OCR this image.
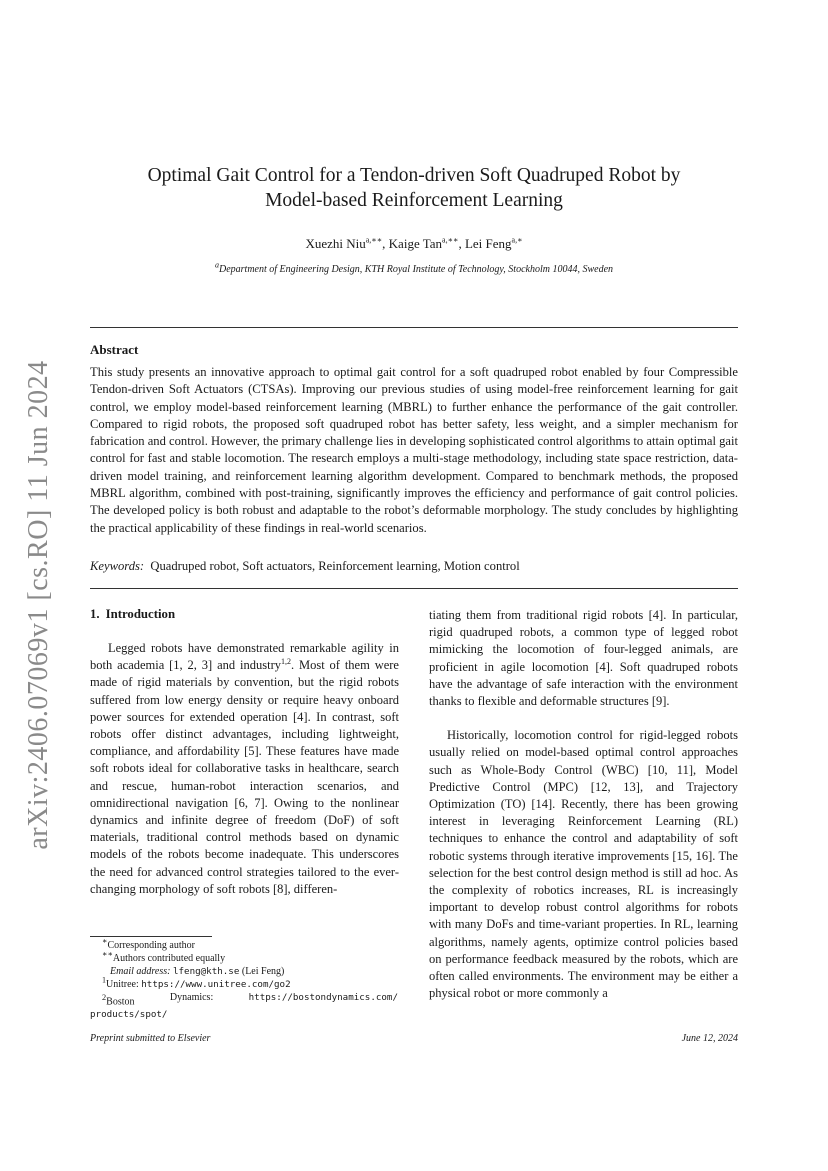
arXiv:2406.07069v1 [cs.RO] 11 Jun 2024
Optimal Gait Control for a Tendon-driven Soft Quadruped Robot by
Model-based Reinforcement Learning
Xuezhi Niu$^{a,∗∗}$, Kaige Tan$^{a,∗∗}$, Lei Feng$^{a,∗}$
$^a$Department of Engineering Design, KTH Royal Institute of Technology, Stockholm 10044, Sweden
Abstract
This study presents an innovative approach to optimal gait control for a soft quadruped robot enabled by four Compressible Tendon-driven Soft Actuators (CTSAs). Improving our previous studies of using model-free reinforcement learning for gait control, we employ model-based reinforcement learning (MBRL) to further enhance the performance of the gait controller. Compared to rigid robots, the proposed soft quadruped robot has better safety, less weight, and a simpler mechanism for fabrication and control. However, the primary challenge lies in developing sophisticated control algorithms to attain optimal gait control for fast and stable locomotion. The research employs a multi-stage methodology, including state space restriction, data-driven model training, and reinforcement learning algorithm development. Compared to benchmark methods, the proposed MBRL algorithm, combined with post-training, significantly improves the efficiency and performance of gait control policies. The developed policy is both robust and adaptable to the robot’s deformable morphology. The study concludes by highlighting the practical applicability of these findings in real-world scenarios.
Keywords: Quadruped robot, Soft actuators, Reinforcement learning, Motion control
1. Introduction

Legged robots have demonstrated remarkable agility in both academia [1, 2, 3] and industry$^{1,2}$. Most of them were made of rigid materials by convention, but the rigid robots suffered from low energy density or require heavy onboard power sources for extended operation [4]. In contrast, soft robots offer distinct advantages, including lightweight, compliance, and affordability [5]. These features have made soft robots ideal for collaborative tasks in healthcare, search and rescue, human-robot interaction scenarios, and omnidirectional navigation [6, 7]. Owing to the nonlinear dynamics and infinite degree of freedom (DoF) of soft materials, traditional control methods based on dynamic models of the robots become inadequate. This underscores the need for advanced control strategies tailored to the ever-changing morphology of soft robots [8], differen-

tiating them from traditional rigid robots [4]. In particular, rigid quadruped robots, a common type of legged robot mimicking the locomotion of four-legged animals, are proficient in agile locomotion [4]. Soft quadruped robots have the advantage of safe interaction with the environment thanks to flexible and deformable structures [9].

Historically, locomotion control for rigid-legged robots usually relied on model-based optimal control approaches such as Whole-Body Control (WBC) [10, 11], Model Predictive Control (MPC) [12, 13], and Trajectory Optimization (TO) [14]. Recently, there has been growing interest in leveraging Reinforcement Learning (RL) techniques to enhance the control and adaptability of soft robotic systems through iterative improvements [15, 16]. The selection for the best control design method is still ad hoc. As the complexity of robotics increases, RL is increasingly important to develop robust control algorithms for robots with many DoFs and time-variant properties. In RL, learning algorithms, namely agents, optimize control policies based on performance feedback measured by the robots, which are often called environments. The environment may be either a physical robot or more commonly a

∗Corresponding author
∗∗Authors contributed equally
Email address: lfeng@kth.se (Lei Feng)
$^1$Unitree: https://www.unitree.com/go2
$^2$Boston	Dynamics:	https://bostondynamics.com/
products/spot/
Preprint submitted to Elsevier	June 12, 2024
